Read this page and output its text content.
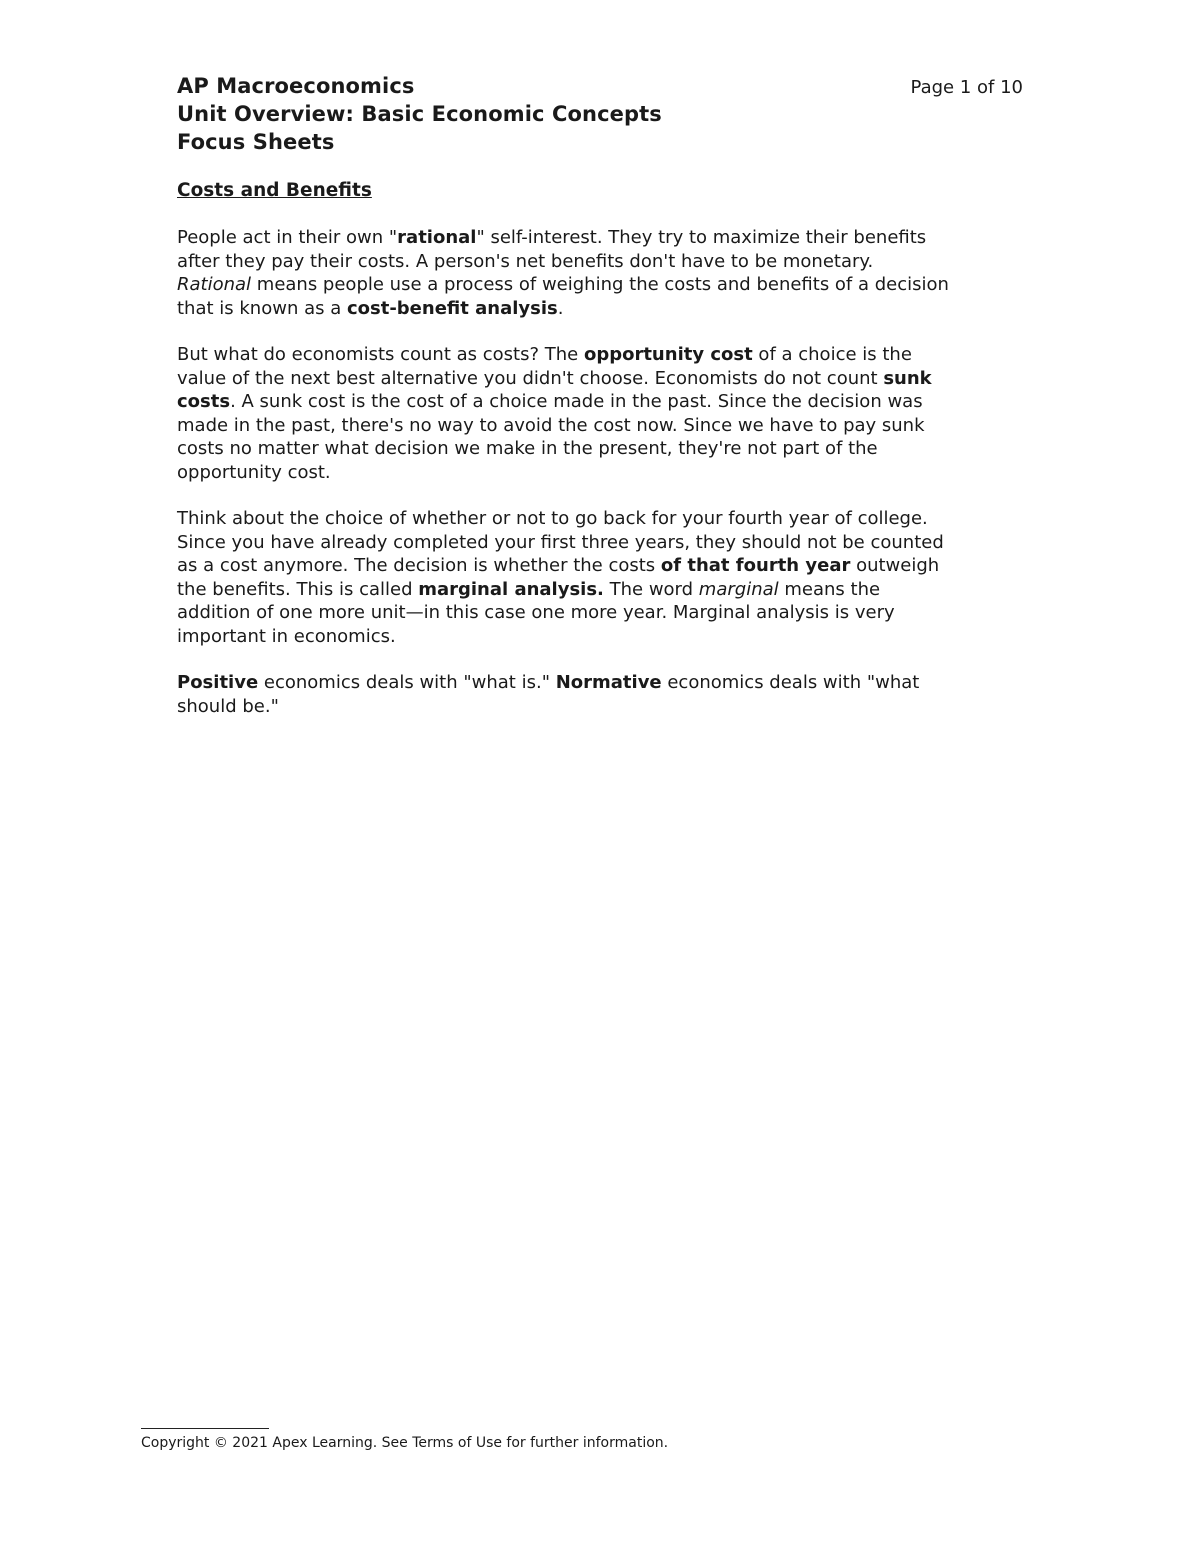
AP Macroeconomics
Unit Overview: Basic Economic Concepts
Focus Sheets
Page 1 of 10
Costs and Benefits
People act in their own "rational" self-interest. They try to maximize their benefits
after they pay their costs. A person's net benefits don't have to be monetary.
Rational means people use a process of weighing the costs and benefits of a decision
that is known as a cost-benefit analysis.
But what do economists count as costs? The opportunity cost of a choice is the
value of the next best alternative you didn't choose. Economists do not count sunk
costs. A sunk cost is the cost of a choice made in the past. Since the decision was
made in the past, there's no way to avoid the cost now. Since we have to pay sunk
costs no matter what decision we make in the present, they're not part of the
opportunity cost.
Think about the choice of whether or not to go back for your fourth year of college.
Since you have already completed your first three years, they should not be counted
as a cost anymore. The decision is whether the costs of that fourth year outweigh
the benefits. This is called marginal analysis. The word marginal means the
addition of one more unit—in this case one more year. Marginal analysis is very
important in economics.
Positive economics deals with "what is." Normative economics deals with "what
should be."
Copyright © 2021 Apex Learning. See Terms of Use for further information.
